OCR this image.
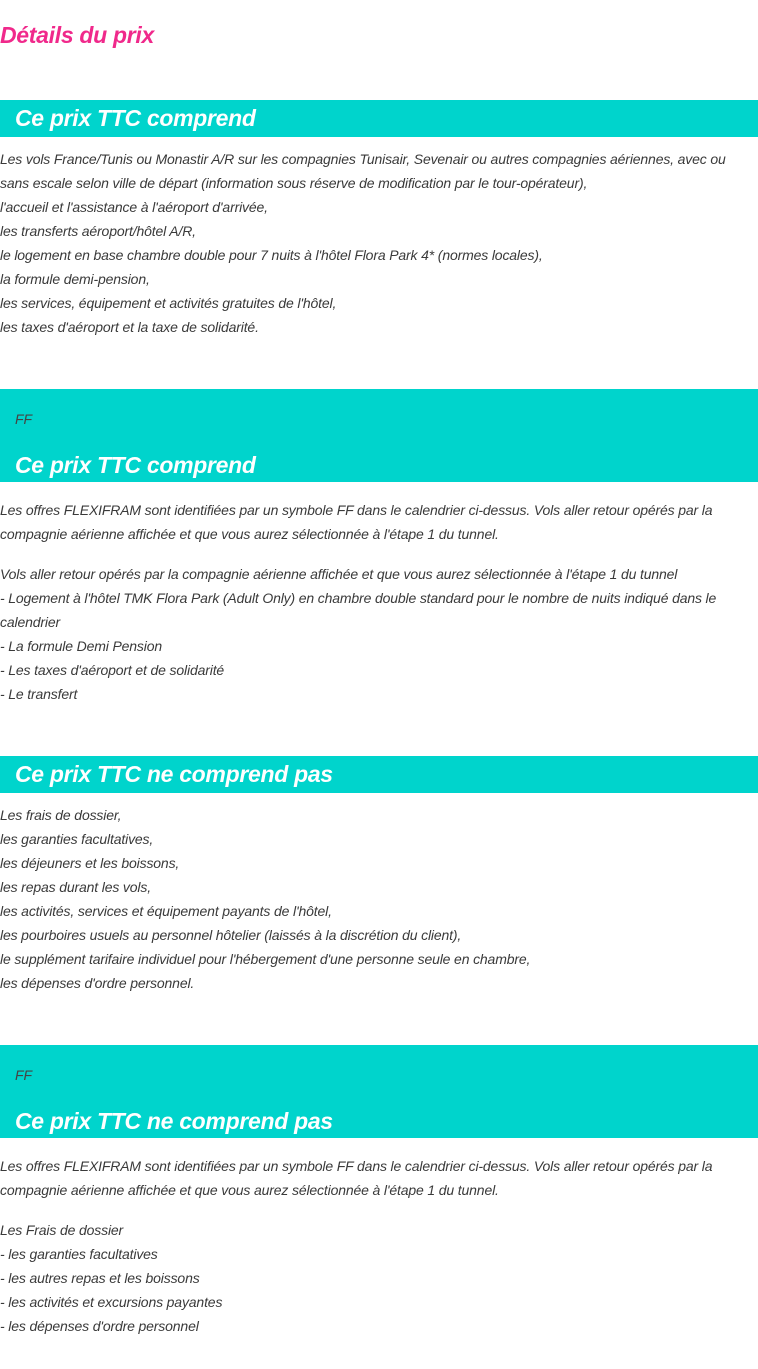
Détails du prix
Ce prix TTC comprend
Les vols France/Tunis ou Monastir A/R sur les compagnies Tunisair, Sevenair ou autres compagnies aériennes, avec ou sans escale selon ville de départ (information sous réserve de modification par le tour-opérateur),
l'accueil et l'assistance à l'aéroport d'arrivée,
les transferts aéroport/hôtel A/R,
le logement en base chambre double pour 7 nuits à l'hôtel Flora Park 4* (normes locales),
la formule demi-pension,
les services, équipement et activités gratuites de l'hôtel,
les taxes d'aéroport et la taxe de solidarité.
FF
Ce prix TTC comprend

Les offres FLEXIFRAM sont identifiées par un symbole FF dans le calendrier ci-dessus. Vols aller retour opérés par la compagnie aérienne affichée et que vous aurez sélectionnée à l'étape 1 du tunnel.

Vols aller retour opérés par la compagnie aérienne affichée et que vous aurez sélectionnée à l'étape 1 du tunnel
- Logement à l'hôtel TMK Flora Park (Adult Only) en chambre double standard pour le nombre de nuits indiqué dans le calendrier
- La formule Demi Pension
- Les taxes d'aéroport et de solidarité
- Le transfert
Ce prix TTC ne comprend pas
Les frais de dossier,
les garanties facultatives,
les déjeuners et les boissons,
les repas durant les vols,
les activités, services et équipement payants de l'hôtel,
les pourboires usuels au personnel hôtelier (laissés à la discrétion du client),
le supplément tarifaire individuel pour l'hébergement d'une personne seule en chambre,
les dépenses d'ordre personnel.
FF
Ce prix TTC ne comprend pas

Les offres FLEXIFRAM sont identifiées par un symbole FF dans le calendrier ci-dessus. Vols aller retour opérés par la compagnie aérienne affichée et que vous aurez sélectionnée à l'étape 1 du tunnel.

Les Frais de dossier
- les garanties facultatives
- les autres repas et les boissons
- les activités et excursions payantes
- les dépenses d'ordre personnel
